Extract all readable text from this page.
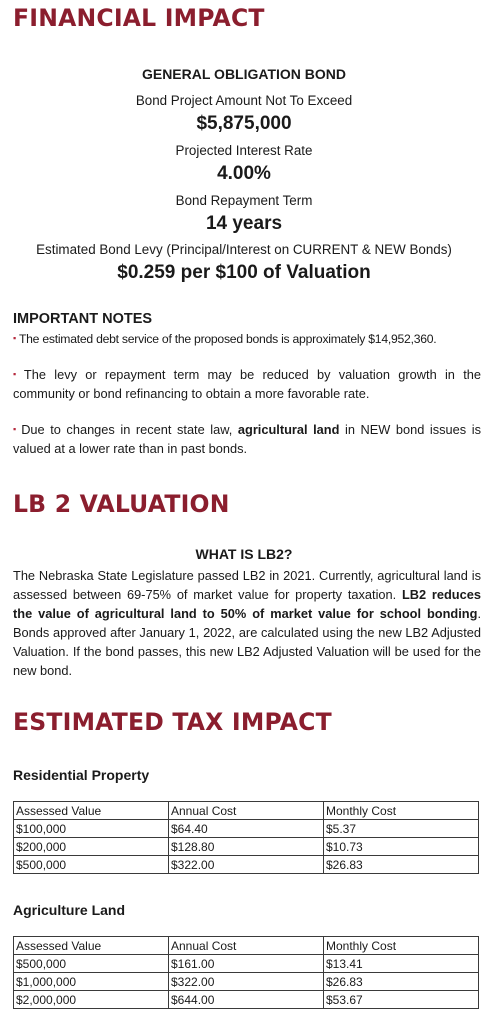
FINANCIAL IMPACT
GENERAL OBLIGATION BOND
Bond Project Amount Not To Exceed
$5,875,000
Projected Interest Rate
4.00%
Bond Repayment Term
14 years
Estimated Bond Levy (Principal/Interest on CURRENT & NEW Bonds)
$0.259 per $100 of Valuation
IMPORTANT NOTES

▪ The estimated debt service of the proposed bonds is approximately $14,952,360.

▪ The levy or repayment term may be reduced by valuation growth in the community or bond refinancing to obtain a more favorable rate.

▪ Due to changes in recent state law, agricultural land in NEW bond issues is valued at a lower rate than in past bonds.

LB 2 VALUATION
WHAT IS LB2?

The Nebraska State Legislature passed LB2 in 2021. Currently, agricultural land is assessed between 69-75% of market value for property taxation. LB2 reduces the value of agricultural land to 50% of market value for school bonding. Bonds approved after January 1, 2022, are calculated using the new LB2 Adjusted Valuation. If the bond passes, this new LB2 Adjusted Valuation will be used for the new bond.

ESTIMATED TAX IMPACT
Residential Property
Assessed Value	Annual Cost	Monthly Cost
$100,000	$64.40	$5.37
$200,000	$128.80	$10.73
$500,000	$322.00	$26.83
Agriculture Land
Assessed Value	Annual Cost	Monthly Cost
$500,000	$161.00	$13.41
$1,000,000	$322.00	$26.83
$2,000,000	$644.00	$53.67
